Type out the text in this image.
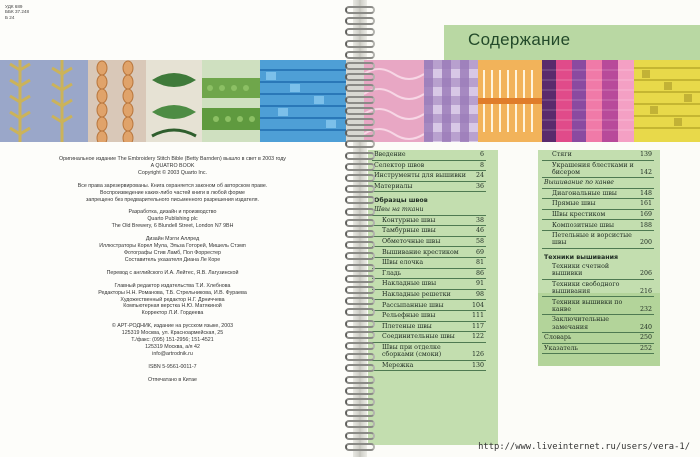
УДК 689
ББК 37.248
Б 24

Оригинальное издание The Embroidery Stitch Bible (Betty Barnden) вышло в свет в 2003 году

A QUATRO BOOK

Copyright © 2003 Quarto Inc.

Все права зарезервированы. Книга охраняется законом об авторском праве.

Воспроизведение каких-либо частей книги в любой форме

запрещено без предварительного письменного разрешения издателя.

Разработка, дизайн и производство

Quarto Publishing plc

The Old Brewery, 6 Blundell Street, London N7 9BH

Дизайн Мэгги Аллред

Иллюстраторы Корел Мула, Эльза Готорей, Мишель Стэмп

Фотографы Стив Ламб, Пол Форрестер

Составитель указателя Диана Ле Коре

Перевод с английского И.А. Лейтес, Я.В. Лагузинской

Главный редактор издательства Т.И. Хлебнова

Редакторы Н.Н. Романова, Т.Б. Стрельникова, И.В. Фураева

Художественный редактор Н.Г. Дрниччева

Компьютерная верстка Н.Ю. Матякиной

Корректор Л.И. Гордеева

© АРТ-РОДНИК, издание на русском языке, 2003

125319 Москва, ул. Красноармейская, 25

Т./факс: (095) 151-2956; 151-4521

125319 Москва, а/я 42

info@artrodnik.ru

ISBN 5-9561-0011-7

Отпечатано в Китае

Содержание
Введение	6
Селектор швов	8
Инструменты для вышивки	24
Материалы	36
Образцы швов
Швы на ткани
Контурные швы	38
Тамбурные швы	46
Обметочные швы	58
Вышивание крестиком	69
Швы елочка	81
Гладь	86
Накладные швы	91
Накладные решетки	98
Рассыпанные швы	104
Рельефные швы	111
Плетеные швы	117
Соединительные швы	122
Швы при отделке сборками (смоки)	126
Мережка	130
Стяги	139
Украшения блестками и бисером	142
Вышивание по канве
Диагональные швы	148
Прямые швы	161
Швы крестиком	169
Композитные швы	188
Петельные и ворсистые швы	200
Техники вышивания
Техники счетной вышивки	206
Техники свободного вышивания	216
Техники вышивки по канве	232
Заключительные замечания	240
Словарь	250
Указатель	252
http://www.liveinternet.ru/users/vera-1/
